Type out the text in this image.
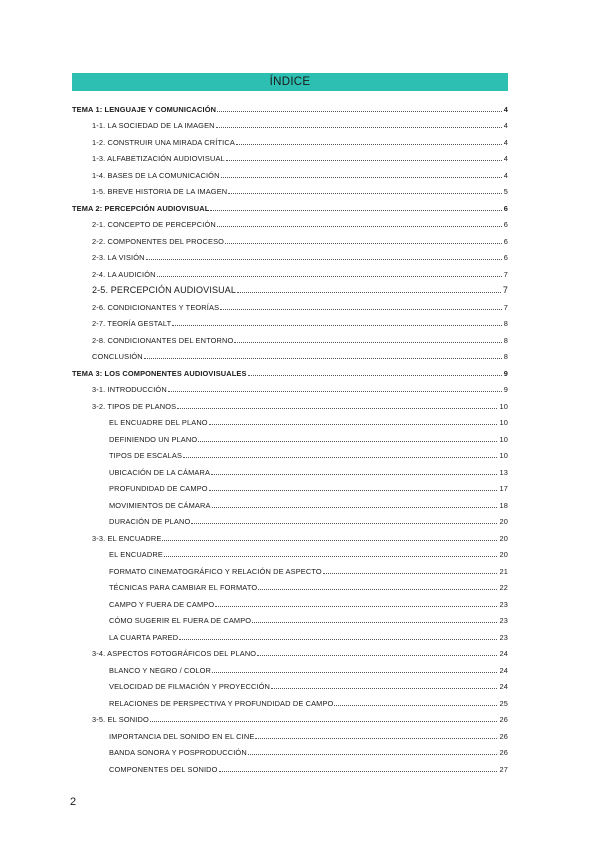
ÍNDICE
TEMA 1: LENGUAJE Y COMUNICACIÓN	4
1-1. LA SOCIEDAD DE LA IMAGEN	4
1-2. CONSTRUIR UNA MIRADA CRÍTICA	4
1-3. ALFABETIZACIÓN AUDIOVISUAL	4
1-4. BASES DE LA COMUNICACIÓN	4
1-5. BREVE HISTORIA DE LA IMAGEN	5
TEMA 2: PERCEPCIÓN AUDIOVISUAL	6
2-1. CONCEPTO DE PERCEPCIÓN	6
2-2. COMPONENTES DEL PROCESO	6
2-3. LA VISIÓN	6
2-4. LA AUDICIÓN	7
2-5. PERCEPCIÓN AUDIOVISUAL	7
2-6. CONDICIONANTES Y TEORÍAS	7
2-7. TEORÍA GESTALT	8
2-8. CONDICIONANTES DEL ENTORNO	8
CONCLUSIÓN	8
TEMA 3: LOS COMPONENTES AUDIOVISUALES	9
3-1. INTRODUCCIÓN	9
3-2. TIPOS DE PLANOS	10
EL ENCUADRE DEL PLANO	10
DEFINIENDO UN PLANO	10
TIPOS DE ESCALAS	10
UBICACIÓN DE LA CÁMARA	13
PROFUNDIDAD DE CAMPO	17
MOVIMIENTOS DE CÁMARA	18
DURACIÓN DE PLANO	20
3-3. EL ENCUADRE	20
EL ENCUADRE	20
FORMATO CINEMATOGRÁFICO Y RELACIÓN DE ASPECTO	21
TÉCNICAS PARA CAMBIAR EL FORMATO	22
CAMPO Y FUERA DE CAMPO	23
CÓMO SUGERIR EL FUERA DE CAMPO	23
LA CUARTA PARED	23
3-4. ASPECTOS FOTOGRÁFICOS DEL PLANO	24
BLANCO Y NEGRO / COLOR	24
VELOCIDAD DE FILMACIÓN Y PROYECCIÓN	24
RELACIONES DE PERSPECTIVA Y PROFUNDIDAD DE CAMPO	25
3-5. EL SONIDO	26
IMPORTANCIA DEL SONIDO EN EL CINE	26
BANDA SONORA Y POSPRODUCCIÓN	26
COMPONENTES DEL SONIDO	27
2
